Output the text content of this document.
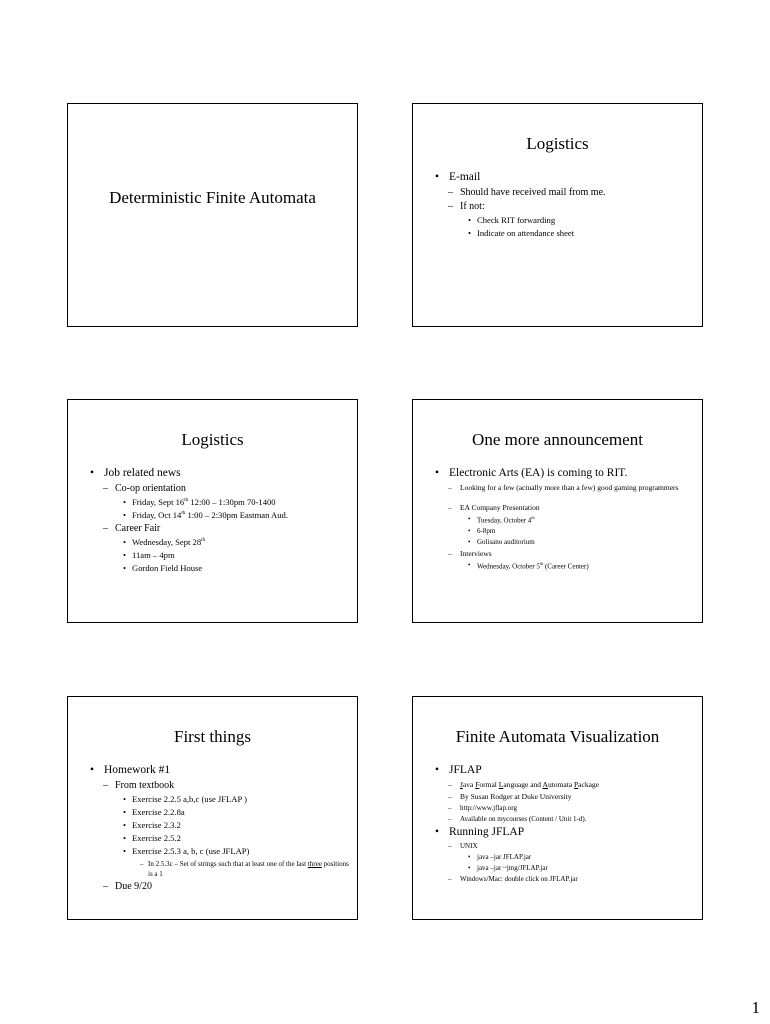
Deterministic Finite Automata
Logistics
• E-mail
– Should have received mail from me.
– If not:
• Check RIT forwarding
• Indicate on attendance sheet
Logistics
• Job related news
– Co-op orientation
• Friday, Sept 16th 12:00 – 1:30pm 70-1400
• Friday, Oct 14th 1:00 – 2:30pm Eastman Aud.
– Career Fair
• Wednesday, Sept 28th
• 11am – 4pm
• Gordon Field House
One more announcement
• Electronic Arts (EA) is coming to RIT.
– Looking for a few (actually more than a few) good gaming programmers
– EA Company Presentation
• Tuesday, October 4th
• 6-8pm
• Golisano auditorium
– Interviews
• Wednesday, October 5th (Career Center)
First things
• Homework #1
– From textbook
• Exercise 2.2.5 a,b,c (use JFLAP )
• Exercise 2.2.8a
• Exercise 2.3.2
• Exercise 2.5.2
• Exercise 2.5.3 a, b, c (use JFLAP)
– In 2.5.3c – Set of strings such that at least one of the last three positions is a 1
– Due 9/20
Finite Automata Visualization
• JFLAP
– Java Formal Language and Automata Package
– By Susan Rodger at Duke University
– http://www.jflap.org
– Available on mycourses (Content / Unit 1-d).
• Running JFLAP
– UNIX
• java –jar JFLAP.jar
• java –jar ~jmg/JFLAP.jar
– Windows/Mac: double click on JFLAP.jar
1
